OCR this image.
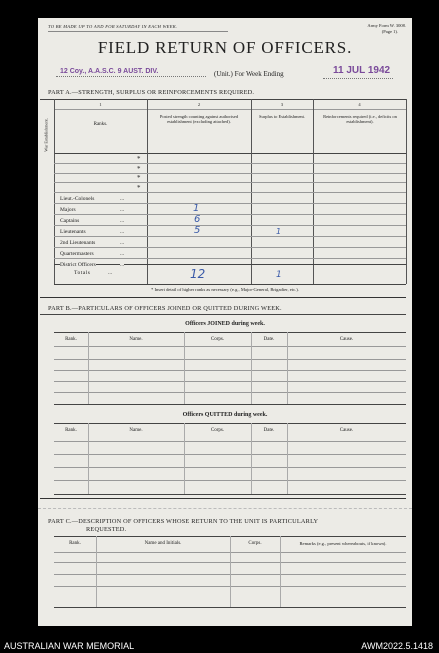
TO BE MADE UP TO AND FOR SATURDAY IN EACH WEEK.	Army Form W. 3008.
(Page 1).
FIELD RETURN OF OFFICERS.
12 Coy., A.A.S.C. 9 AUST. DIV.	(Unit.) For Week Ending	11 JUL 1942
PART A.—STRENGTH, SURPLUS OR REINFORCEMENTS REQUIRED.
War Establishment.
1	2	3	4
Ranks.
Posted strength counting against authorised establishment (excluding attached).
Surplus to Establishment.	Reinforcements required (i.e., deficits on establishment).
*
*
*
*
Lieut.-Colonels	...
Majors	...	1
Captains	...	6
Lieutenants	...	5	1
2nd Lieutenants	...
Quartermasters	...
District Officers	...
Totals	...	12	1
* Insert detail of higher ranks as necessary (e.g., Major-General, Brigadier, etc.).
PART B.—PARTICULARS OF OFFICERS JOINED OR QUITTED DURING WEEK.
Officers JOINED during week.
Rank.	Name.	Corps.	Date.	Cause.
Officers QUITTED during week.
Rank.	Name.	Corps.	Date.	Cause.
PART C.—DESCRIPTION OF OFFICERS WHOSE RETURN TO THE UNIT IS PARTICULARLY
REQUESTED.
Rank.	Name and Initials.	Corps.	Remarks (e.g., present whereabouts, if known).
AUSTRALIAN WAR MEMORIAL	AWM2022.5.1418
